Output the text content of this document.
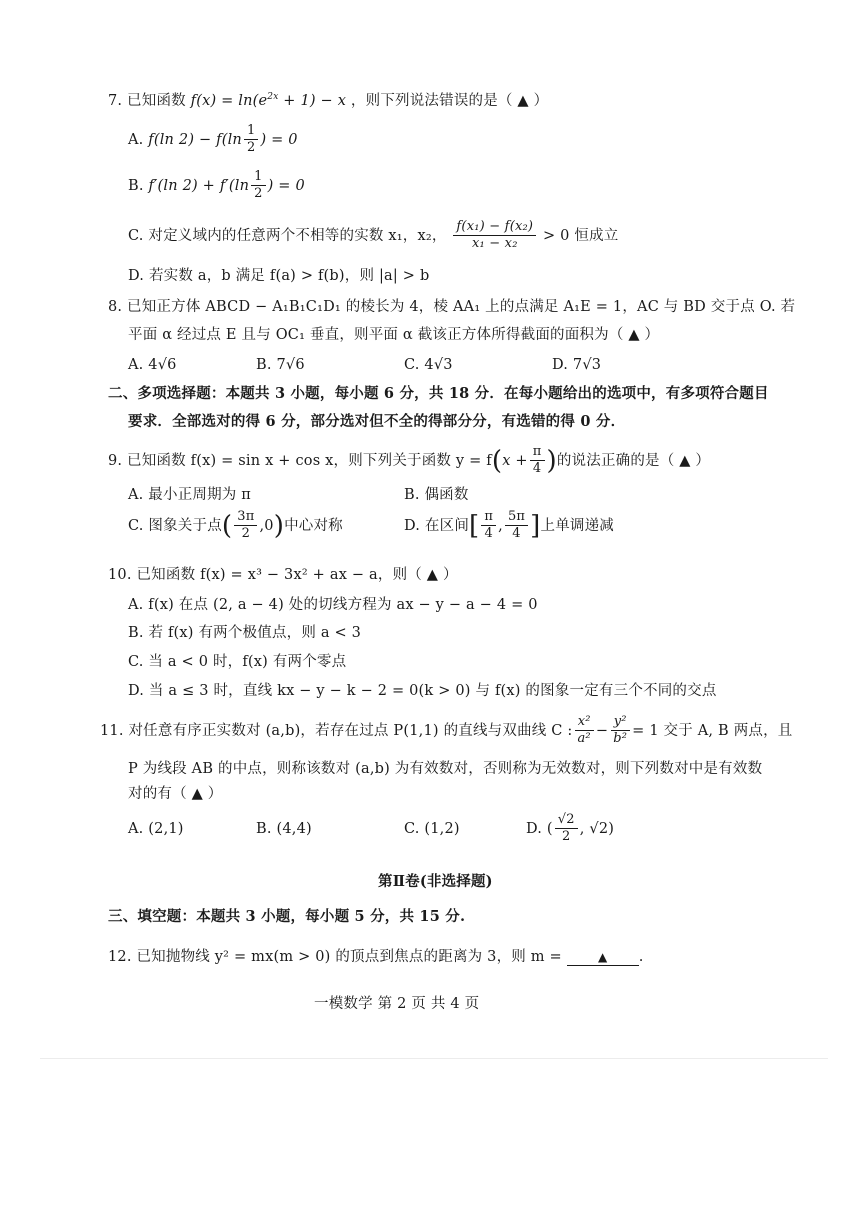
7. 已知函数 $f(x) = \ln(e^{2x} + 1) - x$ ，则下列说法错误的是（ ▲ ）
A. f(ln $2) - f(\ln \frac{1}{2}$ ) = 0
B. f′(ln $2) + f'(\ln \frac{1}{2}$ ) = 0
C. 对定义域内的任意两个不相等的实数 x₁，x₂， $\frac{\text{f(x₁) − f(x₂)}}{\text{x₁ − x₂}} > 0$ 恒成立
D. 若实数 a，b 满足 f(a) > f(b)，则 |a| > b
8. 已知正方体 ABCD − A₁B₁C₁D₁ 的棱长为 4，棱 AA₁ 上的点满足 A₁E = 1，AC 与 BD 交于点 O. 若
平面 α 经过点 E 且与 OC₁ 垂直，则平面 α 截该正方体所得截面的面积为（ ▲ ）
A. 4√6	B. 7√6	C. 4√3	D. 7√3
二、多项选择题：本题共 3 小题，每小题 6 分，共 18 分．在每小题给出的选项中，有多项符合题目
要求．全部选对的得 6 分，部分选对但不全的得部分分，有选错的得 0 分．
9. 已知函数 f(x) = sin x + cos x，则下列关于函数 $y = f(x + \frac{\pi}{4}$ )的说法正确的是（ ▲ ）
A. 最小正周期为 π	B. 偶函数
C. 图象关于点( $\frac{3\pi}{2} ,0$)中心对称	D. 在区间[ $\frac{\pi}{4}$ , $\frac{5\pi}{4}$ ]上单调递减
10. 已知函数 f(x) = x³ − 3x² + ax − a，则（ ▲ ）
A. f(x) 在点 (2, a − 4) 处的切线方程为 ax − y − a − 4 = 0
B. 若 f(x) 有两个极值点，则 a < 3
C. 当 a < 0 时，f(x) 有两个零点
D. 当 a ≤ 3 时，直线 kx − y − k − 2 = 0(k > 0) 与 f(x) 的图象一定有三个不同的交点
11. 对任意有序正实数对 (a,b)，若存在过点 P(1,1) 的直线与双曲线 C : $\frac{\text{x²}}{\text{a²}} - \frac{\text{y²}}{\text{b²}} = 1$ 交于 A, B 两点，且
P 为线段 AB 的中点，则称该数对 (a,b) 为有效数对，否则称为无效数对，则下列数对中是有效数
对的有（ ▲ ）
A. (2,1)	B. (4,4)	C. (1,2)	D. ( $\frac{√2}{2}$ , √2)
第Ⅱ卷(非选择题)
三、填空题：本题共 3 小题，每小题 5 分，共 15 分.
12. 已知抛物线 y² = mx(m > 0) 的顶点到焦点的距离为 3，则 m =	▲ .
一模数学 第 2 页 共 4 页
